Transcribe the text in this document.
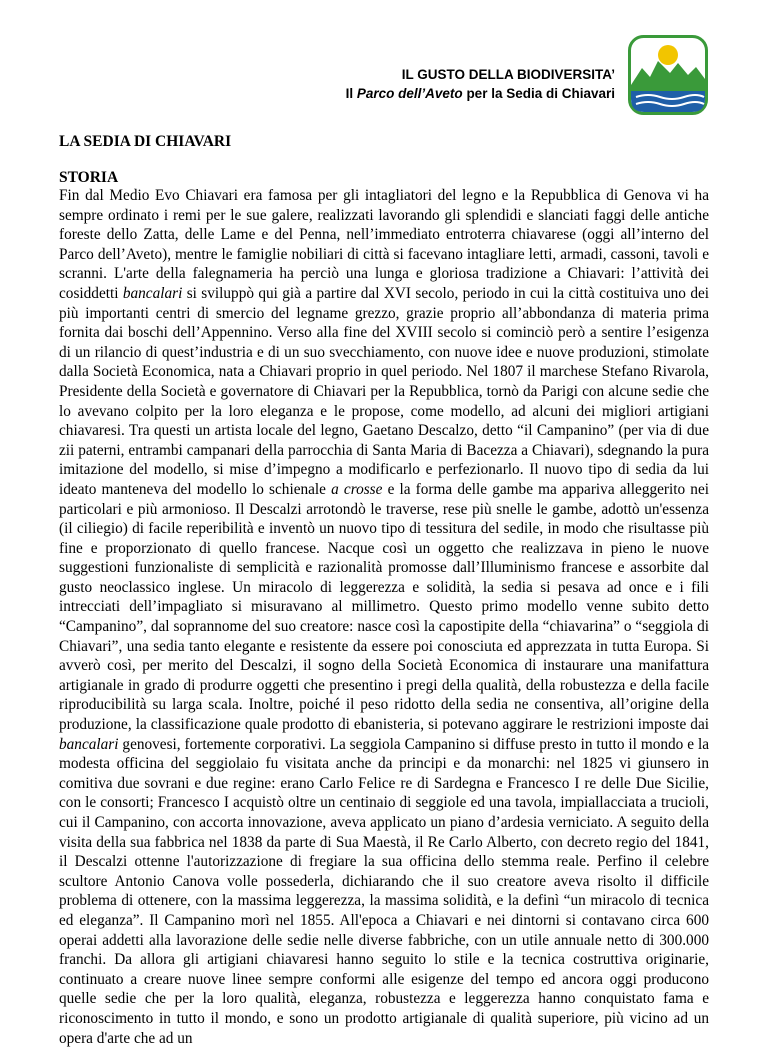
IL GUSTO DELLA BIODIVERSITA’
Il Parco dell’Aveto per la Sedia di Chiavari
LA SEDIA DI CHIAVARI
STORIA

Fin dal Medio Evo Chiavari era famosa per gli intagliatori del legno e la Repubblica di Genova vi ha sempre ordinato i remi per le sue galere, realizzati lavorando gli splendidi e slanciati faggi delle antiche foreste dello Zatta, delle Lame e del Penna, nell’immediato entroterra chiavarese (oggi all’interno del Parco dell’Aveto), mentre le famiglie nobiliari di città si facevano intagliare letti, armadi, cassoni, tavoli e scranni. L'arte della falegnameria ha perciò una lunga e gloriosa tradizione a Chiavari: l’attività dei cosiddetti bancalari si sviluppò qui già a partire dal XVI secolo, periodo in cui la città costituiva uno dei più importanti centri di smercio del legname grezzo, grazie proprio all’abbondanza di materia prima fornita dai boschi dell’Appennino. Verso alla fine del XVIII secolo si cominciò però a sentire l’esigenza di un rilancio di quest’industria e di un suo svecchiamento, con nuove idee e nuove produzioni, stimolate dalla Società Economica, nata a Chiavari proprio in quel periodo. Nel 1807 il marchese Stefano Rivarola, Presidente della Società e governatore di Chiavari per la Repubblica, tornò da Parigi con alcune sedie che lo avevano colpito per la loro eleganza e le propose, come modello, ad alcuni dei migliori artigiani chiavaresi. Tra questi un artista locale del legno, Gaetano Descalzo, detto “il Campanino” (per via di due zii paterni, entrambi campanari della parrocchia di Santa Maria di Bacezza a Chiavari), sdegnando la pura imitazione del modello, si mise d’impegno a modificarlo e perfezionarlo. Il nuovo tipo di sedia da lui ideato manteneva del modello lo schienale a crosse e la forma delle gambe ma appariva alleggerito nei particolari e più armonioso. Il Descalzi arrotondò le traverse, rese più snelle le gambe, adottò un'essenza (il ciliegio) di facile reperibilità e inventò un nuovo tipo di tessitura del sedile, in modo che risultasse più fine e proporzionato di quello francese. Nacque così un oggetto che realizzava in pieno le nuove suggestioni funzionaliste di semplicità e razionalità promosse dall’Illuminismo francese e assorbite dal gusto neoclassico inglese. Un miracolo di leggerezza e solidità, la sedia si pesava ad once e i fili intrecciati dell’impagliato si misuravano al millimetro. Questo primo modello venne subito detto “Campanino”, dal soprannome del suo creatore: nasce così la capostipite della “chiavarina” o “seggiola di Chiavari”, una sedia tanto elegante e resistente da essere poi conosciuta ed apprezzata in tutta Europa. Si avverò così, per merito del Descalzi, il sogno della Società Economica di instaurare una manifattura artigianale in grado di produrre oggetti che presentino i pregi della qualità, della robustezza e della facile riproducibilità su larga scala. Inoltre, poiché il peso ridotto della sedia ne consentiva, all’origine della produzione, la classificazione quale prodotto di ebanisteria, si potevano aggirare le restrizioni imposte dai bancalari genovesi, fortemente corporativi. La seggiola Campanino si diffuse presto in tutto il mondo e la modesta officina del seggiolaio fu visitata anche da principi e da monarchi: nel 1825 vi giunsero in comitiva due sovrani e due regine: erano Carlo Felice re di Sardegna e Francesco I re delle Due Sicilie, con le consorti; Francesco I acquistò oltre un centinaio di seggiole ed una tavola, impiallacciata a trucioli, cui il Campanino, con accorta innovazione, aveva applicato un piano d’ardesia verniciato. A seguito della visita della sua fabbrica nel 1838 da parte di Sua Maestà, il Re Carlo Alberto, con decreto regio del 1841, il Descalzi ottenne l'autorizzazione di fregiare la sua officina dello stemma reale. Perfino il celebre scultore Antonio Canova volle possederla, dichiarando che il suo creatore aveva risolto il difficile problema di ottenere, con la massima leggerezza, la massima solidità, e la definì “un miracolo di tecnica ed eleganza”. Il Campanino morì nel 1855. All'epoca a Chiavari e nei dintorni si contavano circa 600 operai addetti alla lavorazione delle sedie nelle diverse fabbriche, con un utile annuale netto di 300.000 franchi. Da allora gli artigiani chiavaresi hanno seguito lo stile e la tecnica costruttiva originarie, continuato a creare nuove linee sempre conformi alle esigenze del tempo ed ancora oggi producono quelle sedie che per la loro qualità, eleganza, robustezza e leggerezza hanno conquistato fama e riconoscimento in tutto il mondo, e sono un prodotto artigianale di qualità superiore, più vicino ad un opera d'arte che ad un
